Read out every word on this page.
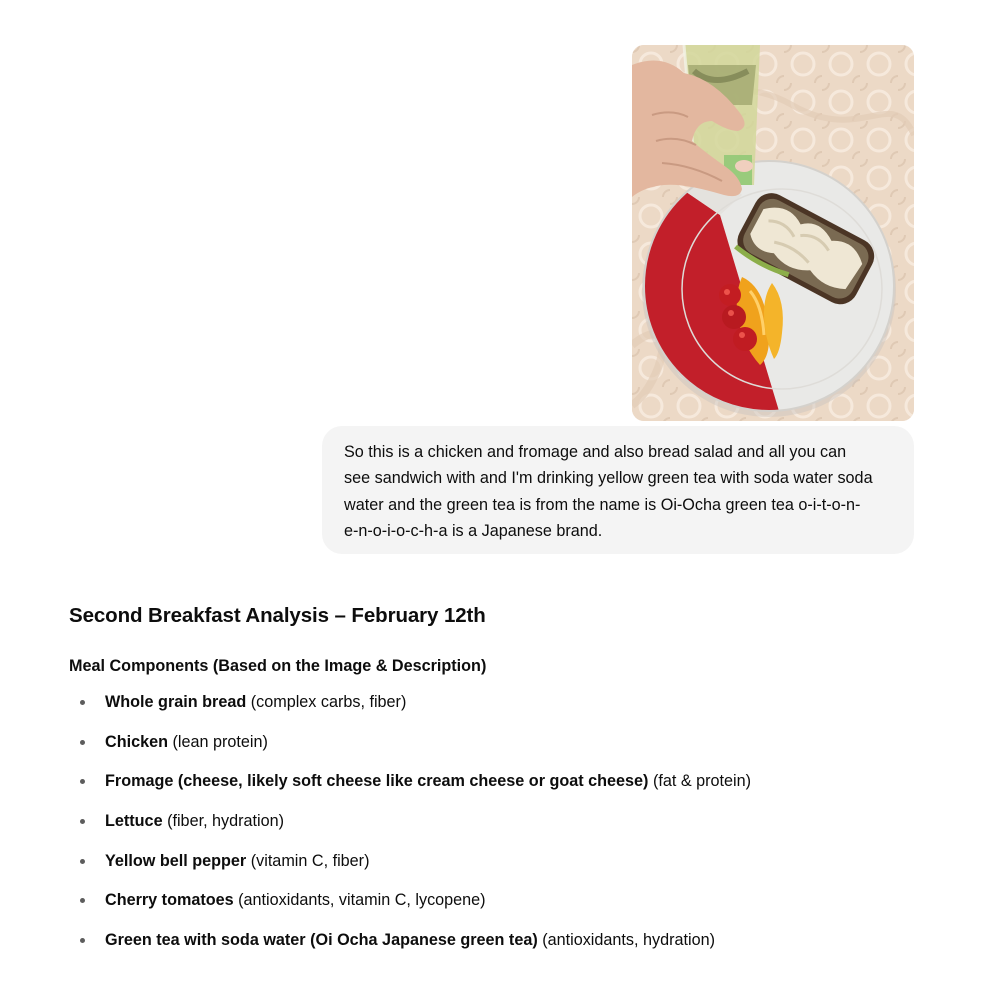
So this is a chicken and fromage and also bread salad and all you can see sandwich with and I'm drinking yellow green tea with soda water soda water and the green tea is from the name is Oi-Ocha green tea o-i-t-o-n-e-n-o-i-o-c-h-a is a Japanese brand.
Second Breakfast Analysis – February 12th
Meal Components (Based on the Image & Description)
Whole grain bread (complex carbs, fiber)
Chicken (lean protein)
Fromage (cheese, likely soft cheese like cream cheese or goat cheese) (fat & protein)
Lettuce (fiber, hydration)
Yellow bell pepper (vitamin C, fiber)
Cherry tomatoes (antioxidants, vitamin C, lycopene)
Green tea with soda water (Oi Ocha Japanese green tea) (antioxidants, hydration)
